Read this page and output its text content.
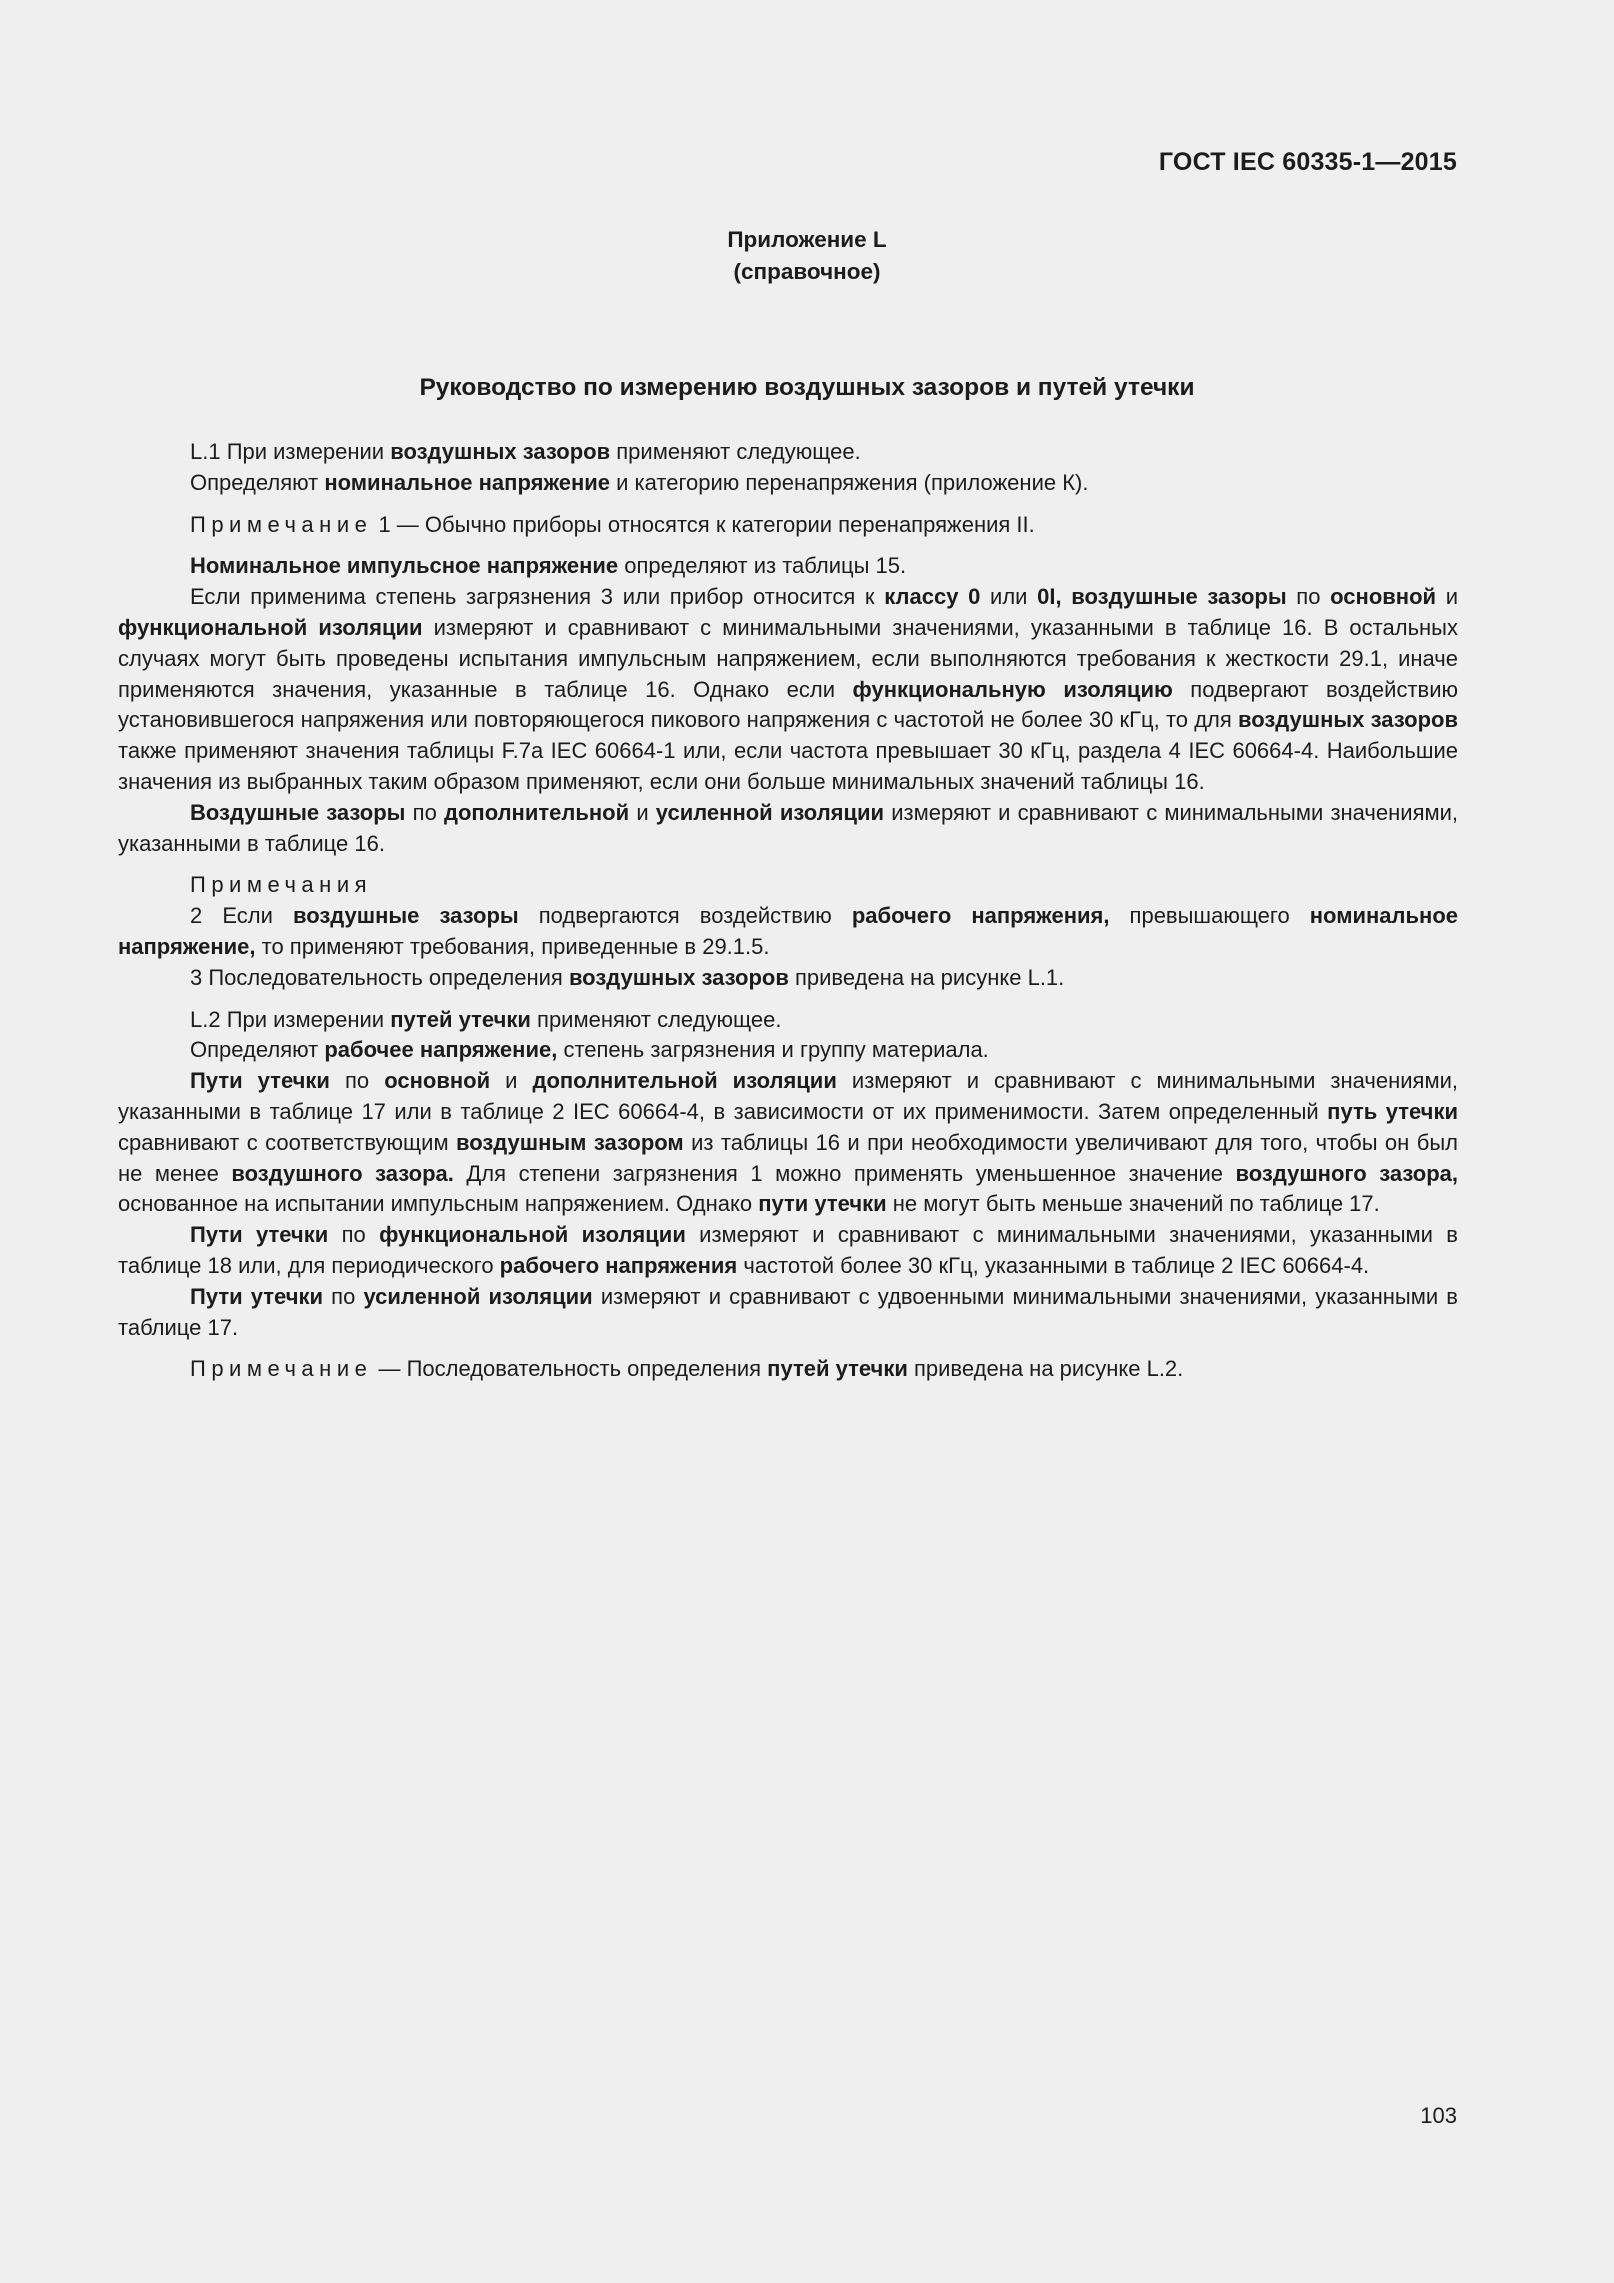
ГОСТ IEC 60335-1—2015

Приложение L
(справочное)
Руководство по измерению воздушных зазоров и путей утечки

L.1 При измерении воздушных зазоров применяют следующее.

Определяют номинальное напряжение и категорию перенапряжения (приложение К).

Примечание 1 — Обычно приборы относятся к категории перенапряжения II.

Номинальное импульсное напряжение определяют из таблицы 15.

Если применима степень загрязнения 3 или прибор относится к классу 0 или 0I, воздушные зазоры по основной и функциональной изоляции измеряют и сравнивают с минимальными значениями, указанными в таблице 16. В остальных случаях могут быть проведены испытания импульсным напряжением, если выполняются требования к жесткости 29.1, иначе применяются значения, указанные в таблице 16. Однако если функциональную изоляцию подвергают воздействию установившегося напряжения или повторяющегося пикового напряжения с частотой не более 30 кГц, то для воздушных зазоров также применяют значения таблицы F.7a IEC 60664-1 или, если частота превышает 30 кГц, раздела 4 IEC 60664-4. Наибольшие значения из выбранных таким образом применяют, если они больше минимальных значений таблицы 16.

Воздушные зазоры по дополнительной и усиленной изоляции измеряют и сравнивают с минимальными значениями, указанными в таблице 16.

Примечания

2 Если воздушные зазоры подвергаются воздействию рабочего напряжения, превышающего номинальное напряжение, то применяют требования, приведенные в 29.1.5.

3 Последовательность определения воздушных зазоров приведена на рисунке L.1.

L.2 При измерении путей утечки применяют следующее.

Определяют рабочее напряжение, степень загрязнения и группу материала.

Пути утечки по основной и дополнительной изоляции измеряют и сравнивают с минимальными значениями, указанными в таблице 17 или в таблице 2 IEC 60664-4, в зависимости от их применимости. Затем определенный путь утечки сравнивают с соответствующим воздушным зазором из таблицы 16 и при необходимости увеличивают для того, чтобы он был не менее воздушного зазора. Для степени загрязнения 1 можно применять уменьшенное значение воздушного зазора, основанное на испытании импульсным напряжением. Однако пути утечки не могут быть меньше значений по таблице 17.

Пути утечки по функциональной изоляции измеряют и сравнивают с минимальными значениями, указанными в таблице 18 или, для периодического рабочего напряжения частотой более 30 кГц, указанными в таблице 2 IEC 60664-4.

Пути утечки по усиленной изоляции измеряют и сравнивают с удвоенными минимальными значениями, указанными в таблице 17.

Примечание — Последовательность определения путей утечки приведена на рисунке L.2.

103
